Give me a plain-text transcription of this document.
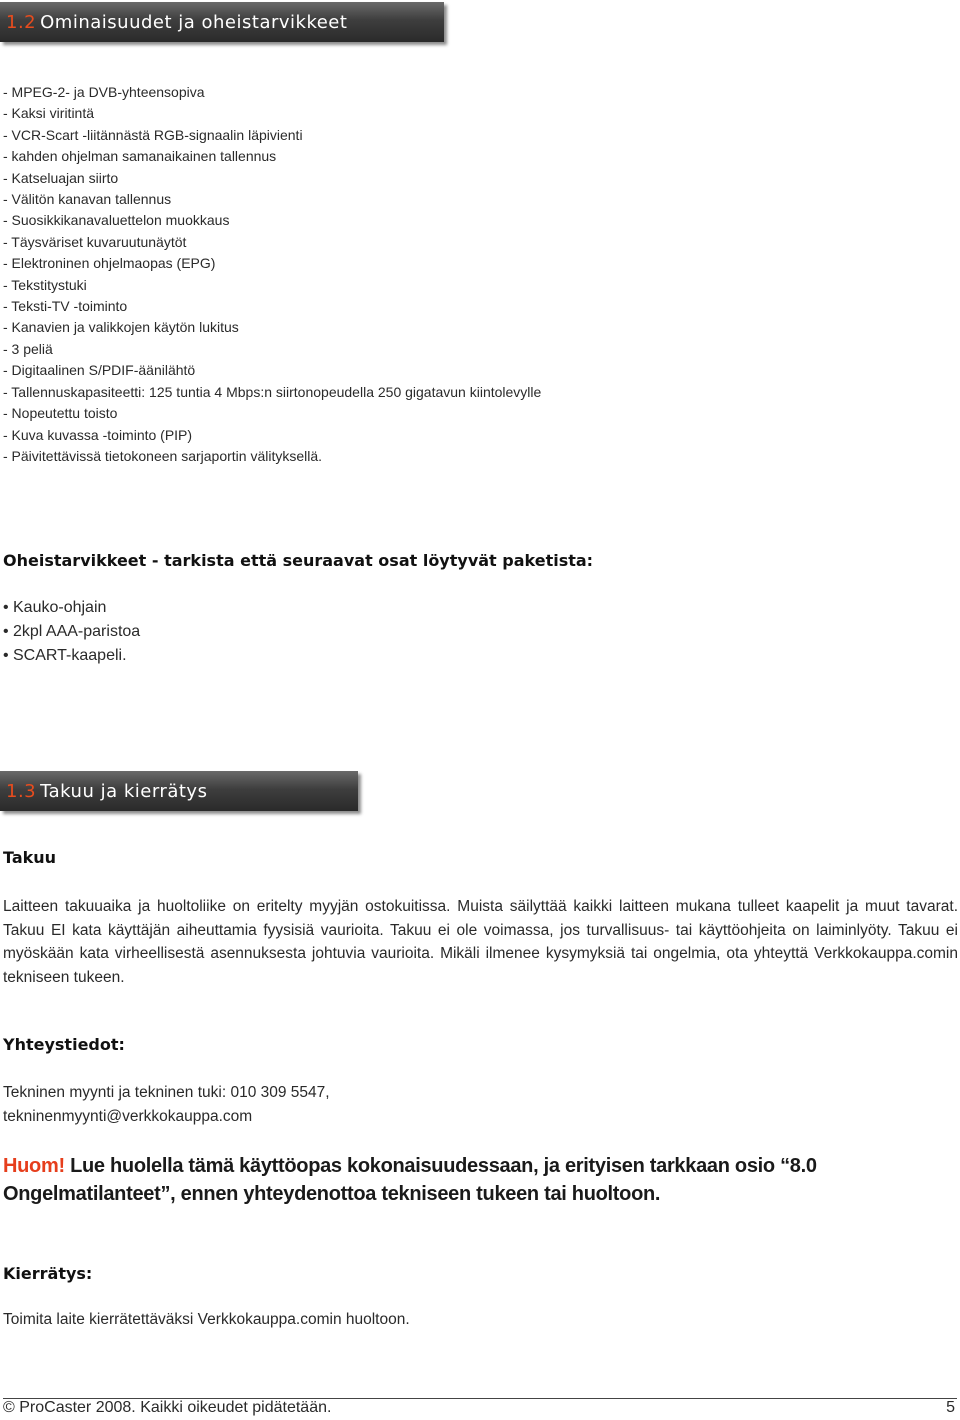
1.2 Ominaisuudet ja oheistarvikkeet
- MPEG-2- ja DVB-yhteensopiva
- Kaksi viritintä
- VCR-Scart -liitännästä RGB-signaalin läpivienti
- kahden ohjelman samanaikainen tallennus
- Katseluajan siirto
- Välitön kanavan tallennus
- Suosikkikanavaluettelon muokkaus
- Täysväriset kuvaruutunäytöt
- Elektroninen ohjelmaopas (EPG)
- Tekstitystuki
- Teksti-TV -toiminto
- Kanavien ja valikkojen käytön lukitus
- 3 peliä
- Digitaalinen S/PDIF-äänilähtö
- Tallennuskapasiteetti: 125 tuntia 4 Mbps:n siirtonopeudella 250 gigatavun kiintolevylle
- Nopeutettu toisto
- Kuva kuvassa -toiminto (PIP)
- Päivitettävissä tietokoneen sarjaportin välityksellä.
Oheistarvikkeet - tarkista että seuraavat osat löytyvät paketista:
• Kauko-ohjain
• 2kpl AAA-paristoa
• SCART-kaapeli.
1.3 Takuu ja kierrätys
Takuu

Laitteen takuuaika ja huoltoliike on eritelty myyjän ostokuitissa. Muista säilyttää kaikki laitteen mukana tulleet kaapelit ja muut tavarat. Takuu EI kata käyttäjän aiheuttamia fyysisiä vaurioita. Takuu ei ole voimassa, jos turvallisuus- tai käyttöohjeita on laiminlyöty. Takuu ei myöskään kata virheellisestä asennuksesta johtuvia vaurioita. Mikäli ilmenee kysymyksiä tai ongelmia, ota yhteyttä Verkkokauppa.comin tekniseen tukeen.

Yhteystiedot:

Tekninen myynti ja tekninen tuki: 010 309 5547,
tekninenmyynti@verkkokauppa.com

Huom! Lue huolella tämä käyttöopas kokonaisuudessaan, ja erityisen tarkkaan osio “8.0 Ongelmatilanteet”, ennen yhteydenottoa tekniseen tukeen tai huoltoon.

Kierrätys:

Toimita laite kierrätettäväksi Verkkokauppa.comin huoltoon.

© ProCaster 2008. Kaikki oikeudet pidätetään.	5
